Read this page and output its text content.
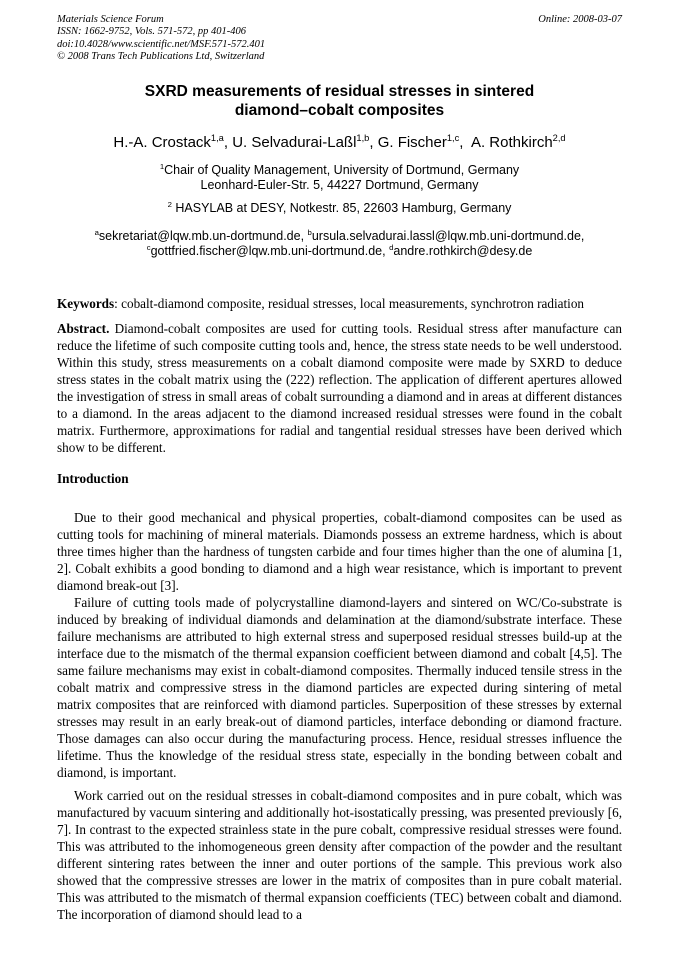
Materials Science Forum
ISSN: 1662-9752, Vols. 571-572, pp 401-406
doi:10.4028/www.scientific.net/MSF.571-572.401
© 2008 Trans Tech Publications Ltd, Switzerland
Online: 2008-03-07
SXRD measurements of residual stresses in sintered
diamond–cobalt composites
H.-A. Crostack$^{1,a}$, U. Selvadurai-Laßl$^{1,b}$, G. Fischer$^{1,c}$,  A. Rothkirch$^{2,d}$
$^1$Chair of Quality Management, University of Dortmund, Germany
Leonhard-Euler-Str. 5, 44227 Dortmund, Germany
$^2$ HASYLAB at DESY, Notkestr. 85, 22603 Hamburg, Germany
$^a$sekretariat@lqw.mb.un-dortmund.de, $^b$ursula.selvadurai.lassl@lqw.mb.uni-dortmund.de,
$^c$gottfried.fischer@lqw.mb.uni-dortmund.de, $^d$andre.rothkirch@desy.de
Keywords: cobalt-diamond composite, residual stresses, local measurements, synchrotron radiation
Abstract. Diamond-cobalt composites are used for cutting tools. Residual stress after manufacture can reduce the lifetime of such composite cutting tools and, hence, the stress state needs to be well understood. Within this study, stress measurements on a cobalt diamond composite were made by SXRD to deduce stress states in the cobalt matrix using the (222) reflection. The application of different apertures allowed the investigation of stress in small areas of cobalt surrounding a diamond and in areas at different distances to a diamond. In the areas adjacent to the diamond increased residual stresses were found in the cobalt matrix. Furthermore, approximations for radial and tangential residual stresses have been derived which show to be different.
Introduction

Due to their good mechanical and physical properties, cobalt-diamond composites can be used as cutting tools for machining of mineral materials. Diamonds possess an extreme hardness, which is about three times higher than the hardness of tungsten carbide and four times higher than the one of alumina [1, 2]. Cobalt exhibits a good bonding to diamond and a high wear resistance, which is important to prevent diamond break-out [3].

Failure of cutting tools made of polycrystalline diamond-layers and sintered on WC/Co-substrate is induced by breaking of individual diamonds and delamination at the diamond/substrate interface. These failure mechanisms are attributed to high external stress and superposed residual stresses build-up at the interface due to the mismatch of the thermal expansion coefficient between diamond and cobalt [4,5]. The same failure mechanisms may exist in cobalt-diamond composites. Thermally induced tensile stress in the cobalt matrix and compressive stress in the diamond particles are expected during sintering of metal matrix composites that are reinforced with diamond particles. Superposition of these stresses by external stresses may result in an early break-out of diamond particles, interface debonding or diamond fracture. Those damages can also occur during the manufacturing process. Hence, residual stresses influence the lifetime. Thus the knowledge of the residual stress state, especially in the bonding between cobalt and diamond, is important.

Work carried out on the residual stresses in cobalt-diamond composites and in pure cobalt, which was manufactured by vacuum sintering and additionally hot-isostatically pressing, was presented previously [6, 7]. In contrast to the expected strainless state in the pure cobalt, compressive residual stresses were found. This was attributed to the inhomogeneous green density after compaction of the powder and the resultant different sintering rates between the inner and outer portions of the sample. This previous work also showed that the compressive stresses are lower in the matrix of composites than in pure cobalt material. This was attributed to the mismatch of thermal expansion coefficients (TEC) between cobalt and diamond. The incorporation of diamond should lead to a
